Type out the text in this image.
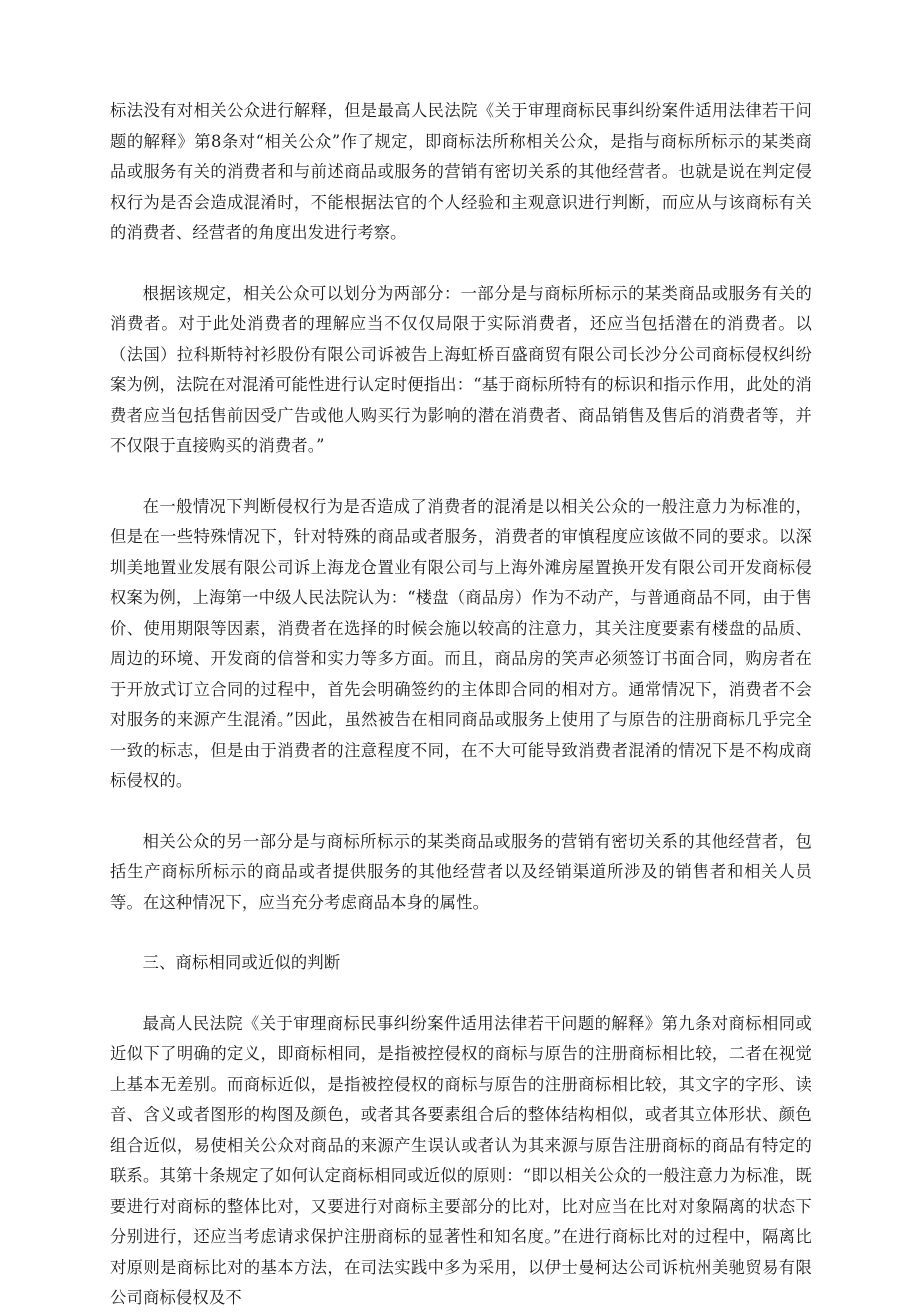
标法没有对相关公众进行解释，但是最高人民法院《关于审理商标民事纠纷案件适用法律若干问题的解释》第8条对“相关公众”作了规定，即商标法所称相关公众，是指与商标所标示的某类商品或服务有关的消费者和与前述商品或服务的营销有密切关系的其他经营者。也就是说在判定侵权行为是否会造成混淆时，不能根据法官的个人经验和主观意识进行判断，而应从与该商标有关的消费者、经营者的角度出发进行考察。

根据该规定，相关公众可以划分为两部分：一部分是与商标所标示的某类商品或服务有关的消费者。对于此处消费者的理解应当不仅仅局限于实际消费者，还应当包括潜在的消费者。以（法国）拉科斯特衬衫股份有限公司诉被告上海虹桥百盛商贸有限公司长沙分公司商标侵权纠纷案为例，法院在对混淆可能性进行认定时便指出：“基于商标所特有的标识和指示作用，此处的消费者应当包括售前因受广告或他人购买行为影响的潜在消费者、商品销售及售后的消费者等，并不仅限于直接购买的消费者。”

在一般情况下判断侵权行为是否造成了消费者的混淆是以相关公众的一般注意力为标准的，但是在一些特殊情况下，针对特殊的商品或者服务，消费者的审慎程度应该做不同的要求。以深圳美地置业发展有限公司诉上海龙仓置业有限公司与上海外滩房屋置换开发有限公司开发商标侵权案为例，上海第一中级人民法院认为：“楼盘（商品房）作为不动产，与普通商品不同，由于售价、使用期限等因素，消费者在选择的时候会施以较高的注意力，其关注度要素有楼盘的品质、周边的环境、开发商的信誉和实力等多方面。而且，商品房的笑声必须签订书面合同，购房者在于开放式订立合同的过程中，首先会明确签约的主体即合同的相对方。通常情况下，消费者不会对服务的来源产生混淆。”因此，虽然被告在相同商品或服务上使用了与原告的注册商标几乎完全一致的标志，但是由于消费者的注意程度不同，在不大可能导致消费者混淆的情况下是不构成商标侵权的。

相关公众的另一部分是与商标所标示的某类商品或服务的营销有密切关系的其他经营者，包括生产商标所标示的商品或者提供服务的其他经营者以及经销渠道所涉及的销售者和相关人员等。在这种情况下，应当充分考虑商品本身的属性。

三、商标相同或近似的判断

最高人民法院《关于审理商标民事纠纷案件适用法律若干问题的解释》第九条对商标相同或近似下了明确的定义，即商标相同，是指被控侵权的商标与原告的注册商标相比较，二者在视觉上基本无差别。而商标近似，是指被控侵权的商标与原告的注册商标相比较，其文字的字形、读音、含义或者图形的构图及颜色，或者其各要素组合后的整体结构相似，或者其立体形状、颜色组合近似，易使相关公众对商品的来源产生误认或者认为其来源与原告注册商标的商品有特定的联系。其第十条规定了如何认定商标相同或近似的原则：“即以相关公众的一般注意力为标准，既要进行对商标的整体比对，又要进行对商标主要部分的比对，比对应当在比对对象隔离的状态下分别进行，还应当考虑请求保护注册商标的显著性和知名度。”在进行商标比对的过程中，隔离比对原则是商标比对的基本方法，在司法实践中多为采用，以伊士曼柯达公司诉杭州美驰贸易有限公司商标侵权及不
